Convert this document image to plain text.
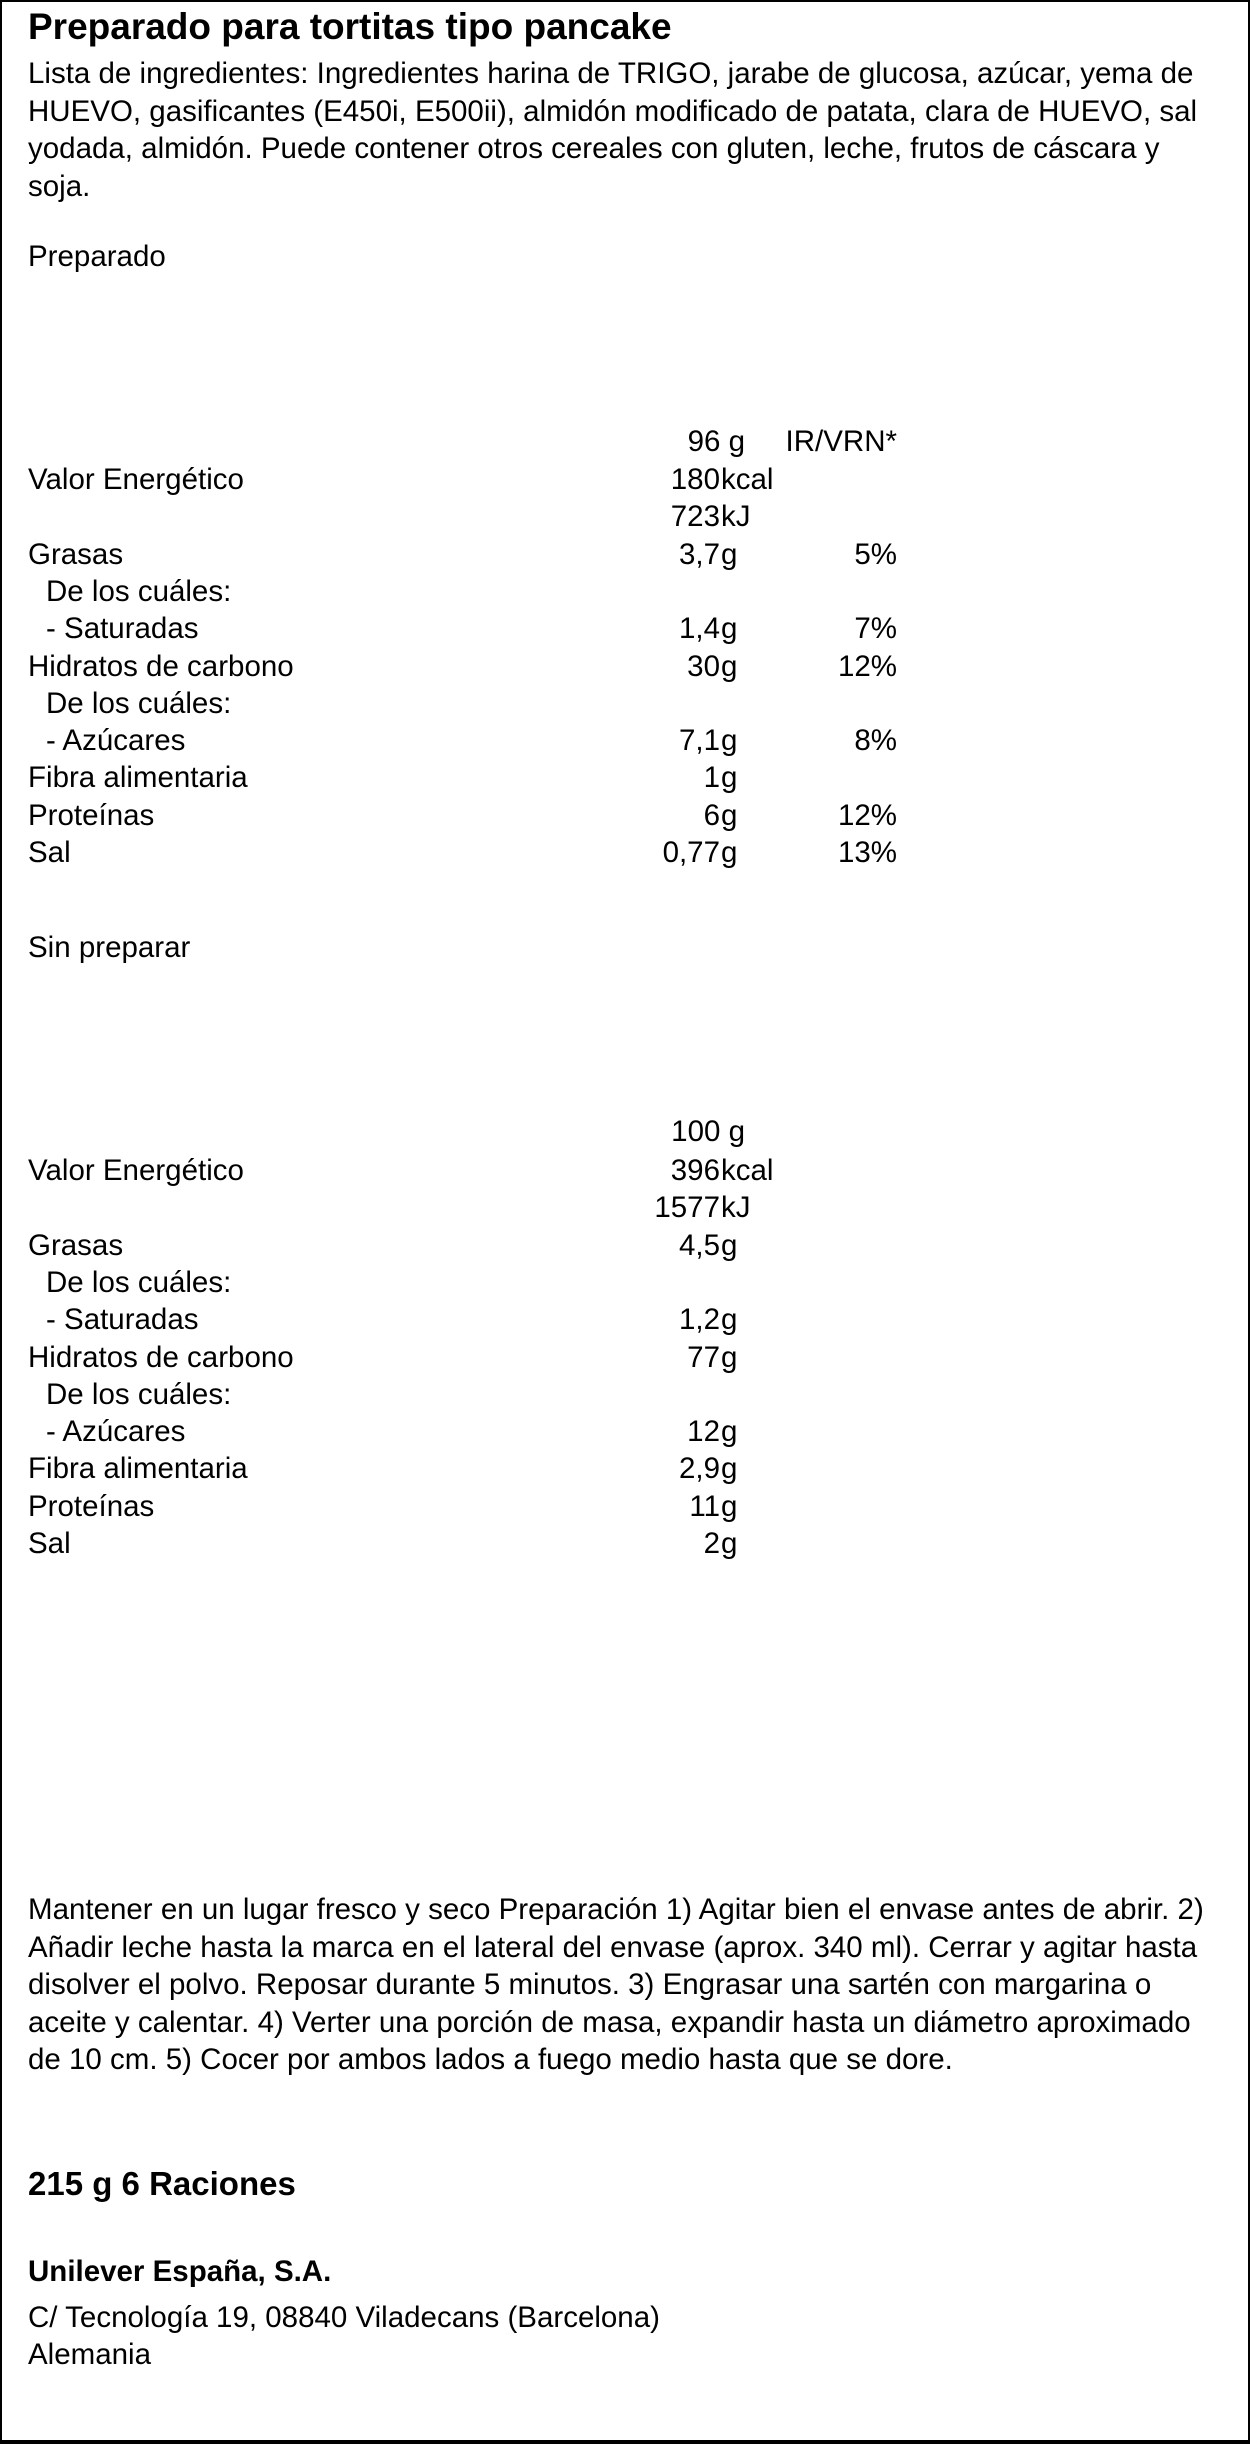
Preparado para tortitas tipo pancake
Lista de ingredientes: Ingredientes harina de TRIGO, jarabe de glucosa, azúcar, yema de HUEVO, gasificantes (E450i, E500ii), almidón modificado de patata, clara de HUEVO, sal yodada, almidón. Puede contener otros cereales con gluten, leche, frutos de cáscara y soja.
Preparado
96 g	IR/VRN*
Valor Energético	180 kcal
723 kJ
Grasas	3,7 g	5%
De los cuáles:
- Saturadas	1,4 g	7%
Hidratos de carbono	30 g	12%
De los cuáles:
- Azúcares	7,1 g	8%
Fibra alimentaria	1 g
Proteínas	6 g	12%
Sal	0,77 g	13%
Sin preparar
100 g
Valor Energético	396 kcal
1577 kJ
Grasas	4,5 g
De los cuáles:
- Saturadas	1,2 g
Hidratos de carbono	77 g
De los cuáles:
- Azúcares	12 g
Fibra alimentaria	2,9 g
Proteínas	11 g
Sal	2 g
Mantener en un lugar fresco y seco Preparación 1) Agitar bien el envase antes de abrir. 2) Añadir leche hasta la marca en el lateral del envase (aprox. 340 ml). Cerrar y agitar hasta disolver el polvo. Reposar durante 5 minutos. 3) Engrasar una sartén con margarina o aceite y calentar. 4) Verter una porción de masa, expandir hasta un diámetro aproximado de 10 cm. 5) Cocer por ambos lados a fuego medio hasta que se dore.
215 g 6 Raciones
Unilever España, S.A.
C/ Tecnología 19, 08840 Viladecans (Barcelona)
Alemania
